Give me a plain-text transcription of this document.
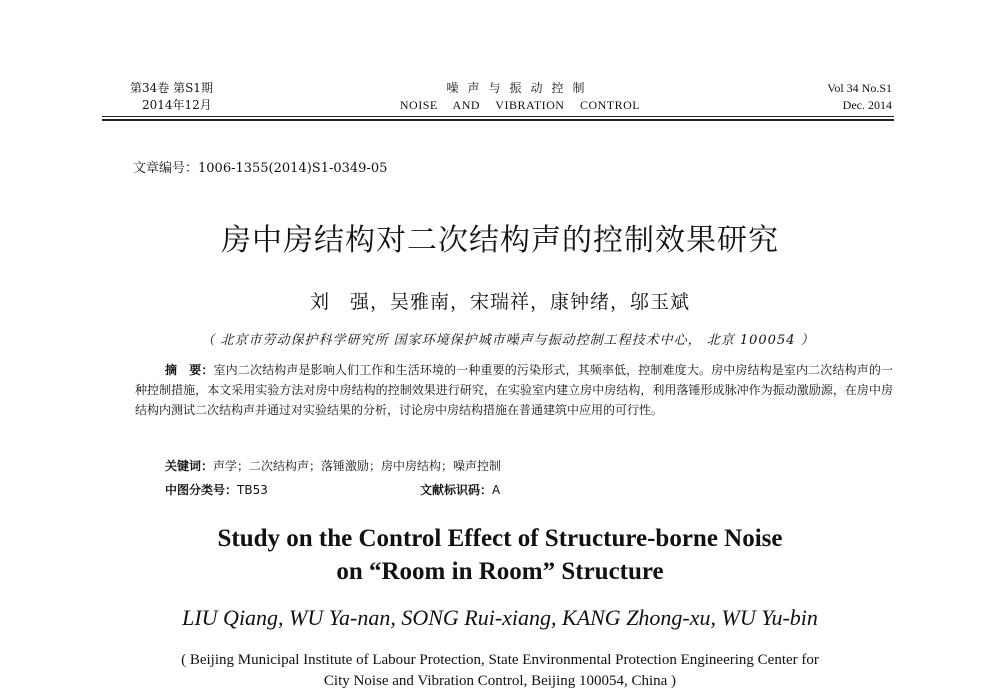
第34卷 第S1期
2014年12月
噪声与振动控制
NOISE AND VIBRATION CONTROL
Vol 34 No.S1
Dec. 2014
文章编号：1006-1355(2014)S1-0349-05
房中房结构对二次结构声的控制效果研究
刘　强，吴雅南，宋瑞祥，康钟绪，邬玉斌
（ 北京市劳动保护科学研究所 国家环境保护城市噪声与振动控制工程技术中心， 北京 100054 ）
摘　要：室内二次结构声是影响人们工作和生活环境的一种重要的污染形式，其频率低，控制难度大。房中房结构是室内二次结构声的一种控制措施，本文采用实验方法对房中房结构的控制效果进行研究，在实验室内建立房中房结构，利用落锤形成脉冲作为振动激励源，在房中房结构内测试二次结构声并通过对实验结果的分析，讨论房中房结构措施在普通建筑中应用的可行性。
关键词：声学；二次结构声；落锤激励；房中房结构；噪声控制
中图分类号：TB53	文献标识码：A
Study on the Control Effect of Structure-borne Noise
on “Room in Room” Structure
LIU Qiang, WU Ya-nan, SONG Rui-xiang, KANG Zhong-xu, WU Yu-bin
( Beijing Municipal Institute of Labour Protection, State Environmental Protection Engineering Center for
City Noise and Vibration Control, Beijing 100054, China )
